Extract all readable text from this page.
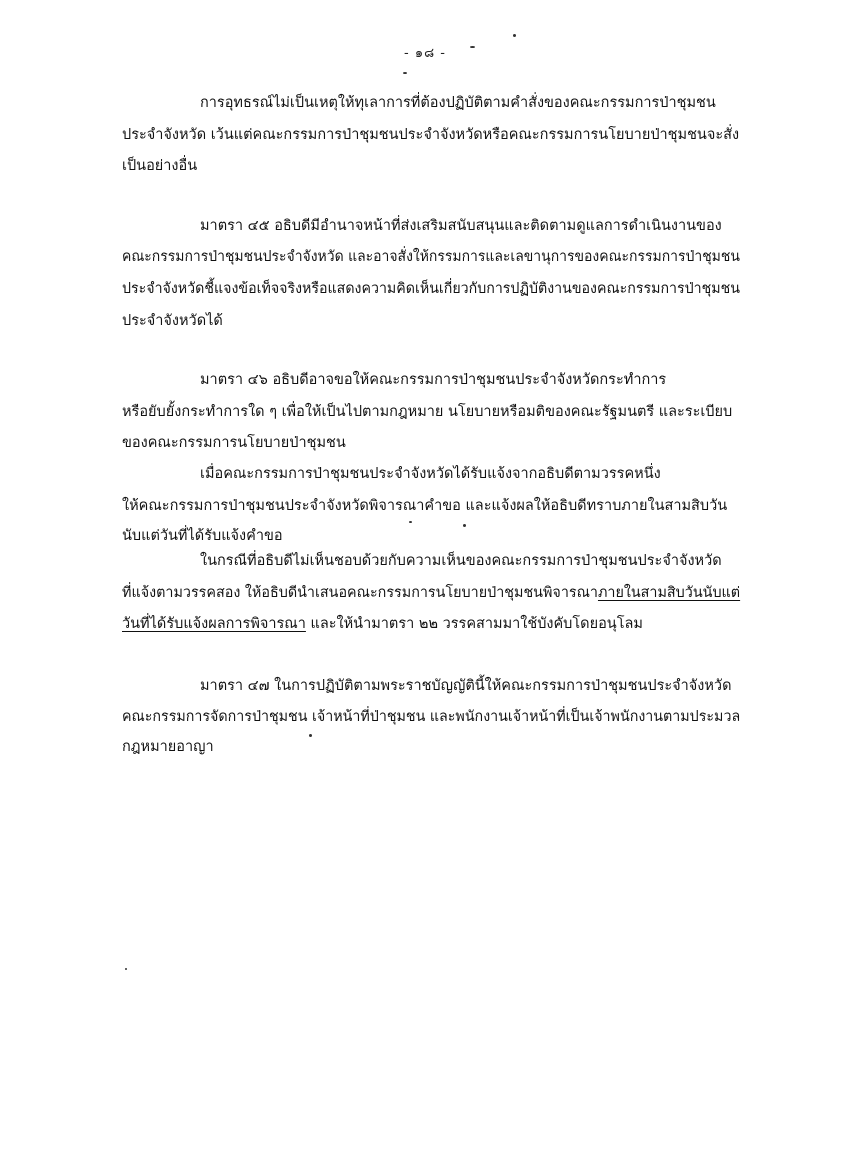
- ๑๘ -
การอุทธรณ์ไม่เป็นเหตุให้ทุเลาการที่ต้องปฏิบัติตามคำสั่งของคณะกรรมการป่าชุมชน
ประจำจังหวัด เว้นแต่คณะกรรมการป่าชุมชนประจำจังหวัดหรือคณะกรรมการนโยบายป่าชุมชนจะสั่ง
เป็นอย่างอื่น
มาตรา ๔๕ อธิบดีมีอำนาจหน้าที่ส่งเสริมสนับสนุนและติดตามดูแลการดำเนินงานของ
คณะกรรมการป่าชุมชนประจำจังหวัด และอาจสั่งให้กรรมการและเลขานุการของคณะกรรมการป่าชุมชน
ประจำจังหวัดชี้แจงข้อเท็จจริงหรือแสดงความคิดเห็นเกี่ยวกับการปฏิบัติงานของคณะกรรมการป่าชุมชน
ประจำจังหวัดได้
มาตรา ๔๖ อธิบดีอาจขอให้คณะกรรมการป่าชุมชนประจำจังหวัดกระทำการ
หรือยับยั้งกระทำการใด ๆ เพื่อให้เป็นไปตามกฎหมาย นโยบายหรือมติของคณะรัฐมนตรี และระเบียบ
ของคณะกรรมการนโยบายป่าชุมชน
เมื่อคณะกรรมการป่าชุมชนประจำจังหวัดได้รับแจ้งจากอธิบดีตามวรรคหนึ่ง
ให้คณะกรรมการป่าชุมชนประจำจังหวัดพิจารณาคำขอ และแจ้งผลให้อธิบดีทราบภายในสามสิบวัน
นับแต่วันที่ได้รับแจ้งคำขอ
ในกรณีที่อธิบดีไม่เห็นชอบด้วยกับความเห็นของคณะกรรมการป่าชุมชนประจำจังหวัด
ที่แจ้งตามวรรคสอง ให้อธิบดีนำเสนอคณะกรรมการนโยบายป่าชุมชนพิจารณาภายในสามสิบวันนับแต่
วันที่ได้รับแจ้งผลการพิจารณา และให้นำมาตรา ๒๒ วรรคสามมาใช้บังคับโดยอนุโลม
มาตรา ๔๗ ในการปฏิบัติตามพระราชบัญญัตินี้ให้คณะกรรมการป่าชุมชนประจำจังหวัด
คณะกรรมการจัดการป่าชุมชน เจ้าหน้าที่ป่าชุมชน และพนักงานเจ้าหน้าที่เป็นเจ้าพนักงานตามประมวล
กฎหมายอาญา
